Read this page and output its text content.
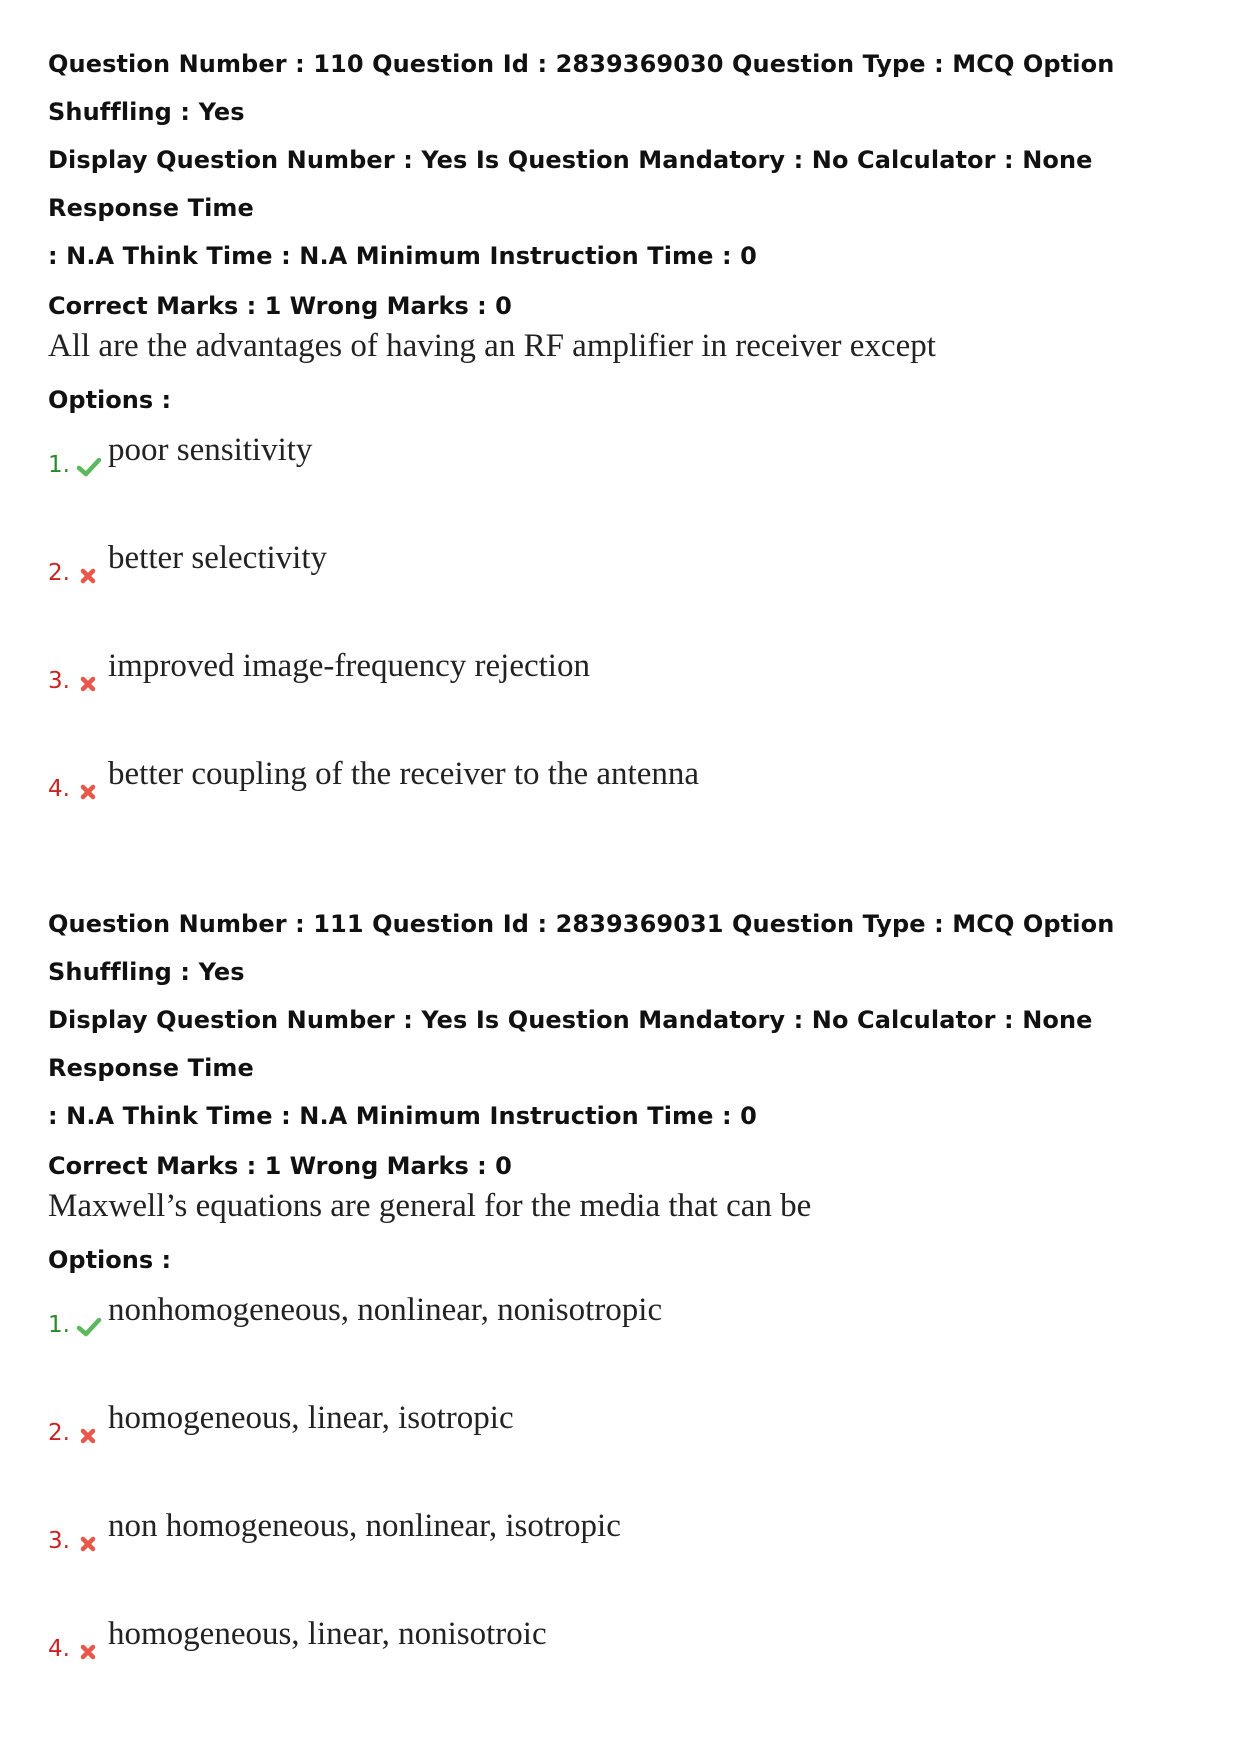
Question Number : 110 Question Id : 2839369030 Question Type : MCQ Option Shuffling : Yes
Display Question Number : Yes Is Question Mandatory : No Calculator : None Response Time
: N.A Think Time : N.A Minimum Instruction Time : 0
Correct Marks : 1 Wrong Marks : 0
All are the advantages of having an RF amplifier in receiver except
Options :
1. poor sensitivity
2. better selectivity
3. improved image-frequency rejection
4. better coupling of the receiver to the antenna
Question Number : 111 Question Id : 2839369031 Question Type : MCQ Option Shuffling : Yes
Display Question Number : Yes Is Question Mandatory : No Calculator : None Response Time
: N.A Think Time : N.A Minimum Instruction Time : 0
Correct Marks : 1 Wrong Marks : 0
Maxwell’s equations are general for the media that can be
Options :
1. nonhomogeneous, nonlinear, nonisotropic
2. homogeneous, linear, isotropic
3. non homogeneous, nonlinear, isotropic
4. homogeneous, linear, nonisotroic
